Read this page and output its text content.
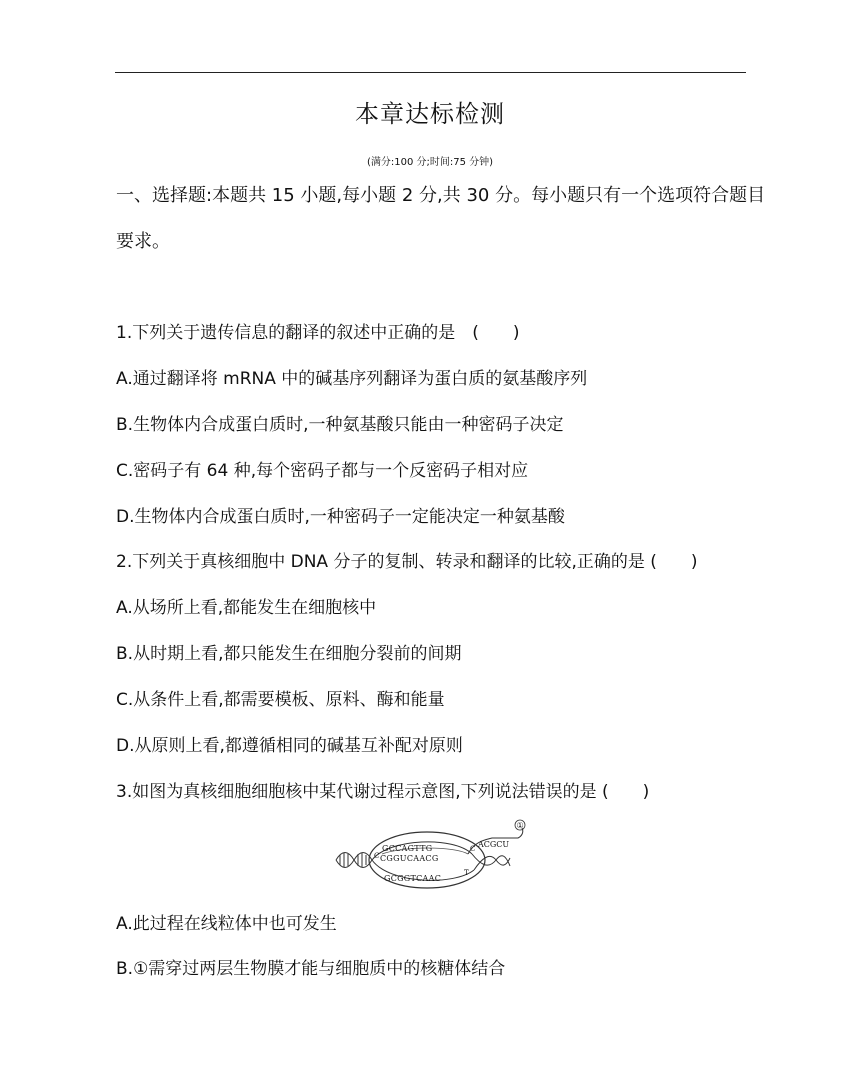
本章达标检测
(满分:100 分;时间:75 分钟)
一、选择题:本题共 15 小题,每小题 2 分,共 30 分。每小题只有一个选项符合题目
要求。
1.下列关于遗传信息的翻译的叙述中正确的是　(　　)
A.通过翻译将 mRNA 中的碱基序列翻译为蛋白质的氨基酸序列
B.生物体内合成蛋白质时,一种氨基酸只能由一种密码子决定
C.密码子有 64 种,每个密码子都与一个反密码子相对应
D.生物体内合成蛋白质时,一种密码子一定能决定一种氨基酸
2.下列关于真核细胞中 DNA 分子的复制、转录和翻译的比较,正确的是 (　　)
A.从场所上看,都能发生在细胞核中
B.从时期上看,都只能发生在细胞分裂前的间期
C.从条件上看,都需要模板、原料、酶和能量
D.从原则上看,都遵循相同的碱基互补配对原则
3.如图为真核细胞细胞核中某代谢过程示意图,下列说法错误的是 (　　)
①
GCCAGTTG
CGGUCAACG
GCGGTCAAC
ACGCU
C
T
C
A.此过程在线粒体中也可发生
B.①需穿过两层生物膜才能与细胞质中的核糖体结合
